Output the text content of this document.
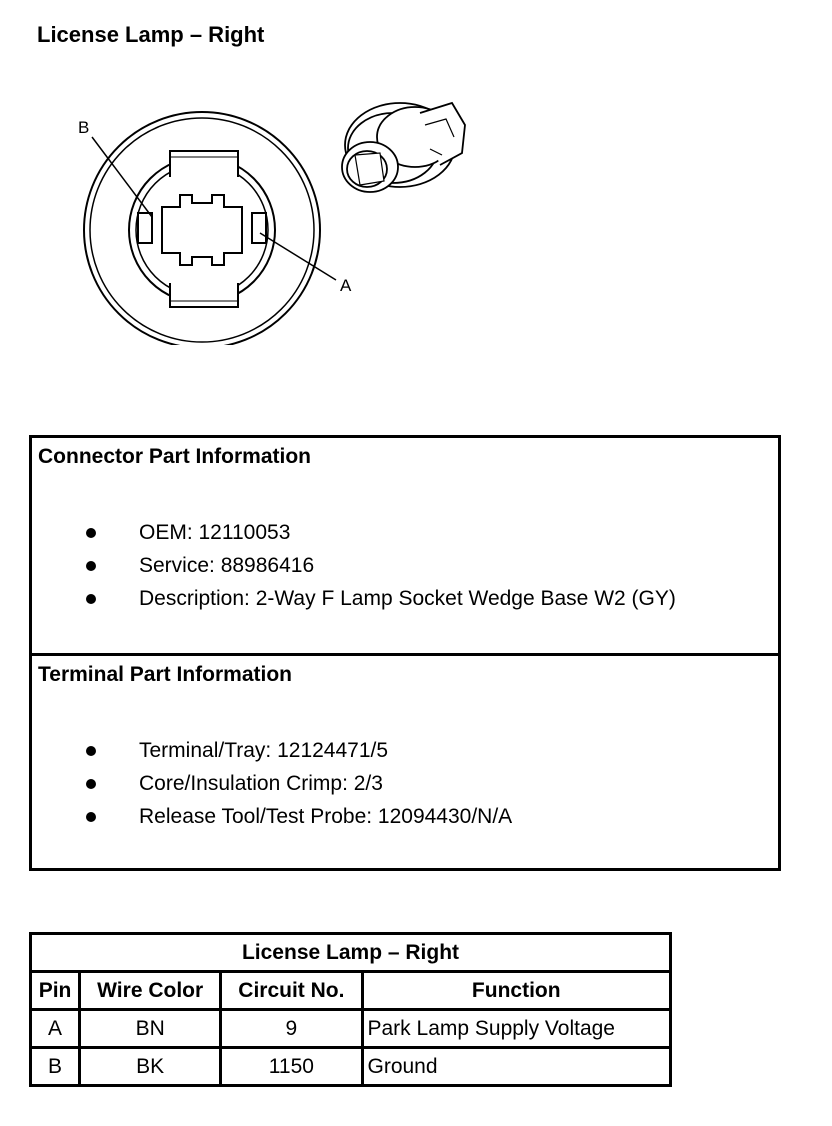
License Lamp – Right
B
A
Connector Part Information
OEM: 12110053
Service: 88986416
Description: 2-Way F Lamp Socket Wedge Base W2 (GY)
Terminal Part Information
Terminal/Tray: 12124471/5
Core/Insulation Crimp: 2/3
Release Tool/Test Probe: 12094430/N/A
License Lamp – Right			
Pin	Wire Color	Circuit No.	Function
A	BN	9	Park Lamp Supply Voltage
B	BK	1150	Ground
